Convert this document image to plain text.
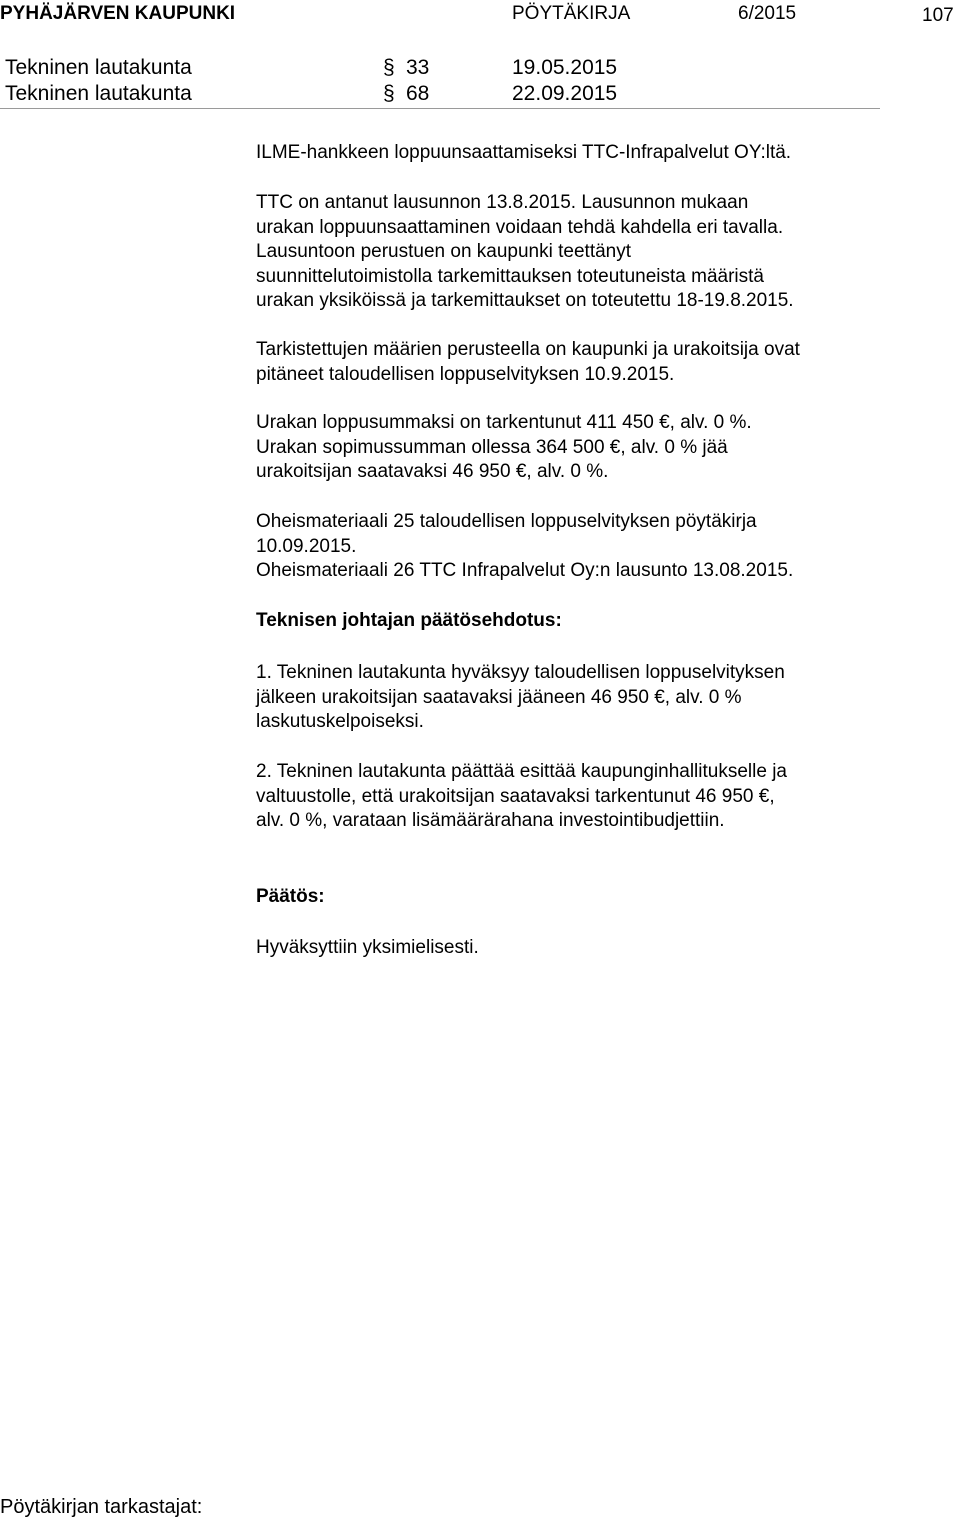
PYHÄJÄRVEN KAUPUNKI	PÖYTÄKIRJA	6/2015	107
Tekninen lautakunta	§ 33	19.05.2015
Tekninen lautakunta	§ 68	22.09.2015
ILME-hankkeen loppuunsaattamiseksi TTC-Infrapalvelut OY:ltä.
TTC on antanut lausunnon 13.8.2015. Lausunnon mukaan
urakan loppuunsaattaminen voidaan tehdä kahdella eri tavalla.
Lausuntoon perustuen on kaupunki teettänyt
suunnittelutoimistolla tarkemittauksen toteutuneista määristä
urakan yksiköissä ja tarkemittaukset on toteutettu 18-19.8.2015.
Tarkistettujen määrien perusteella on kaupunki ja urakoitsija ovat
pitäneet taloudellisen loppuselvityksen 10.9.2015.
Urakan loppusummaksi on tarkentunut 411 450 €, alv. 0 %.
Urakan sopimussumman ollessa 364 500 €, alv. 0 % jää
urakoitsijan saatavaksi 46 950 €, alv. 0 %.
Oheismateriaali 25 taloudellisen loppuselvityksen pöytäkirja
10.09.2015.
Oheismateriaali 26 TTC Infrapalvelut Oy:n lausunto 13.08.2015.
Teknisen johtajan päätösehdotus:
1. Tekninen lautakunta hyväksyy taloudellisen loppuselvityksen
jälkeen urakoitsijan saatavaksi jääneen 46 950 €, alv. 0 %
laskutuskelpoiseksi.
2. Tekninen lautakunta päättää esittää kaupunginhallitukselle ja
valtuustolle, että urakoitsijan saatavaksi tarkentunut 46 950 €,
alv. 0 %, varataan lisämäärärahana investointibudjettiin.
Päätös:
Hyväksyttiin yksimielisesti.
Pöytäkirjan tarkastajat:
